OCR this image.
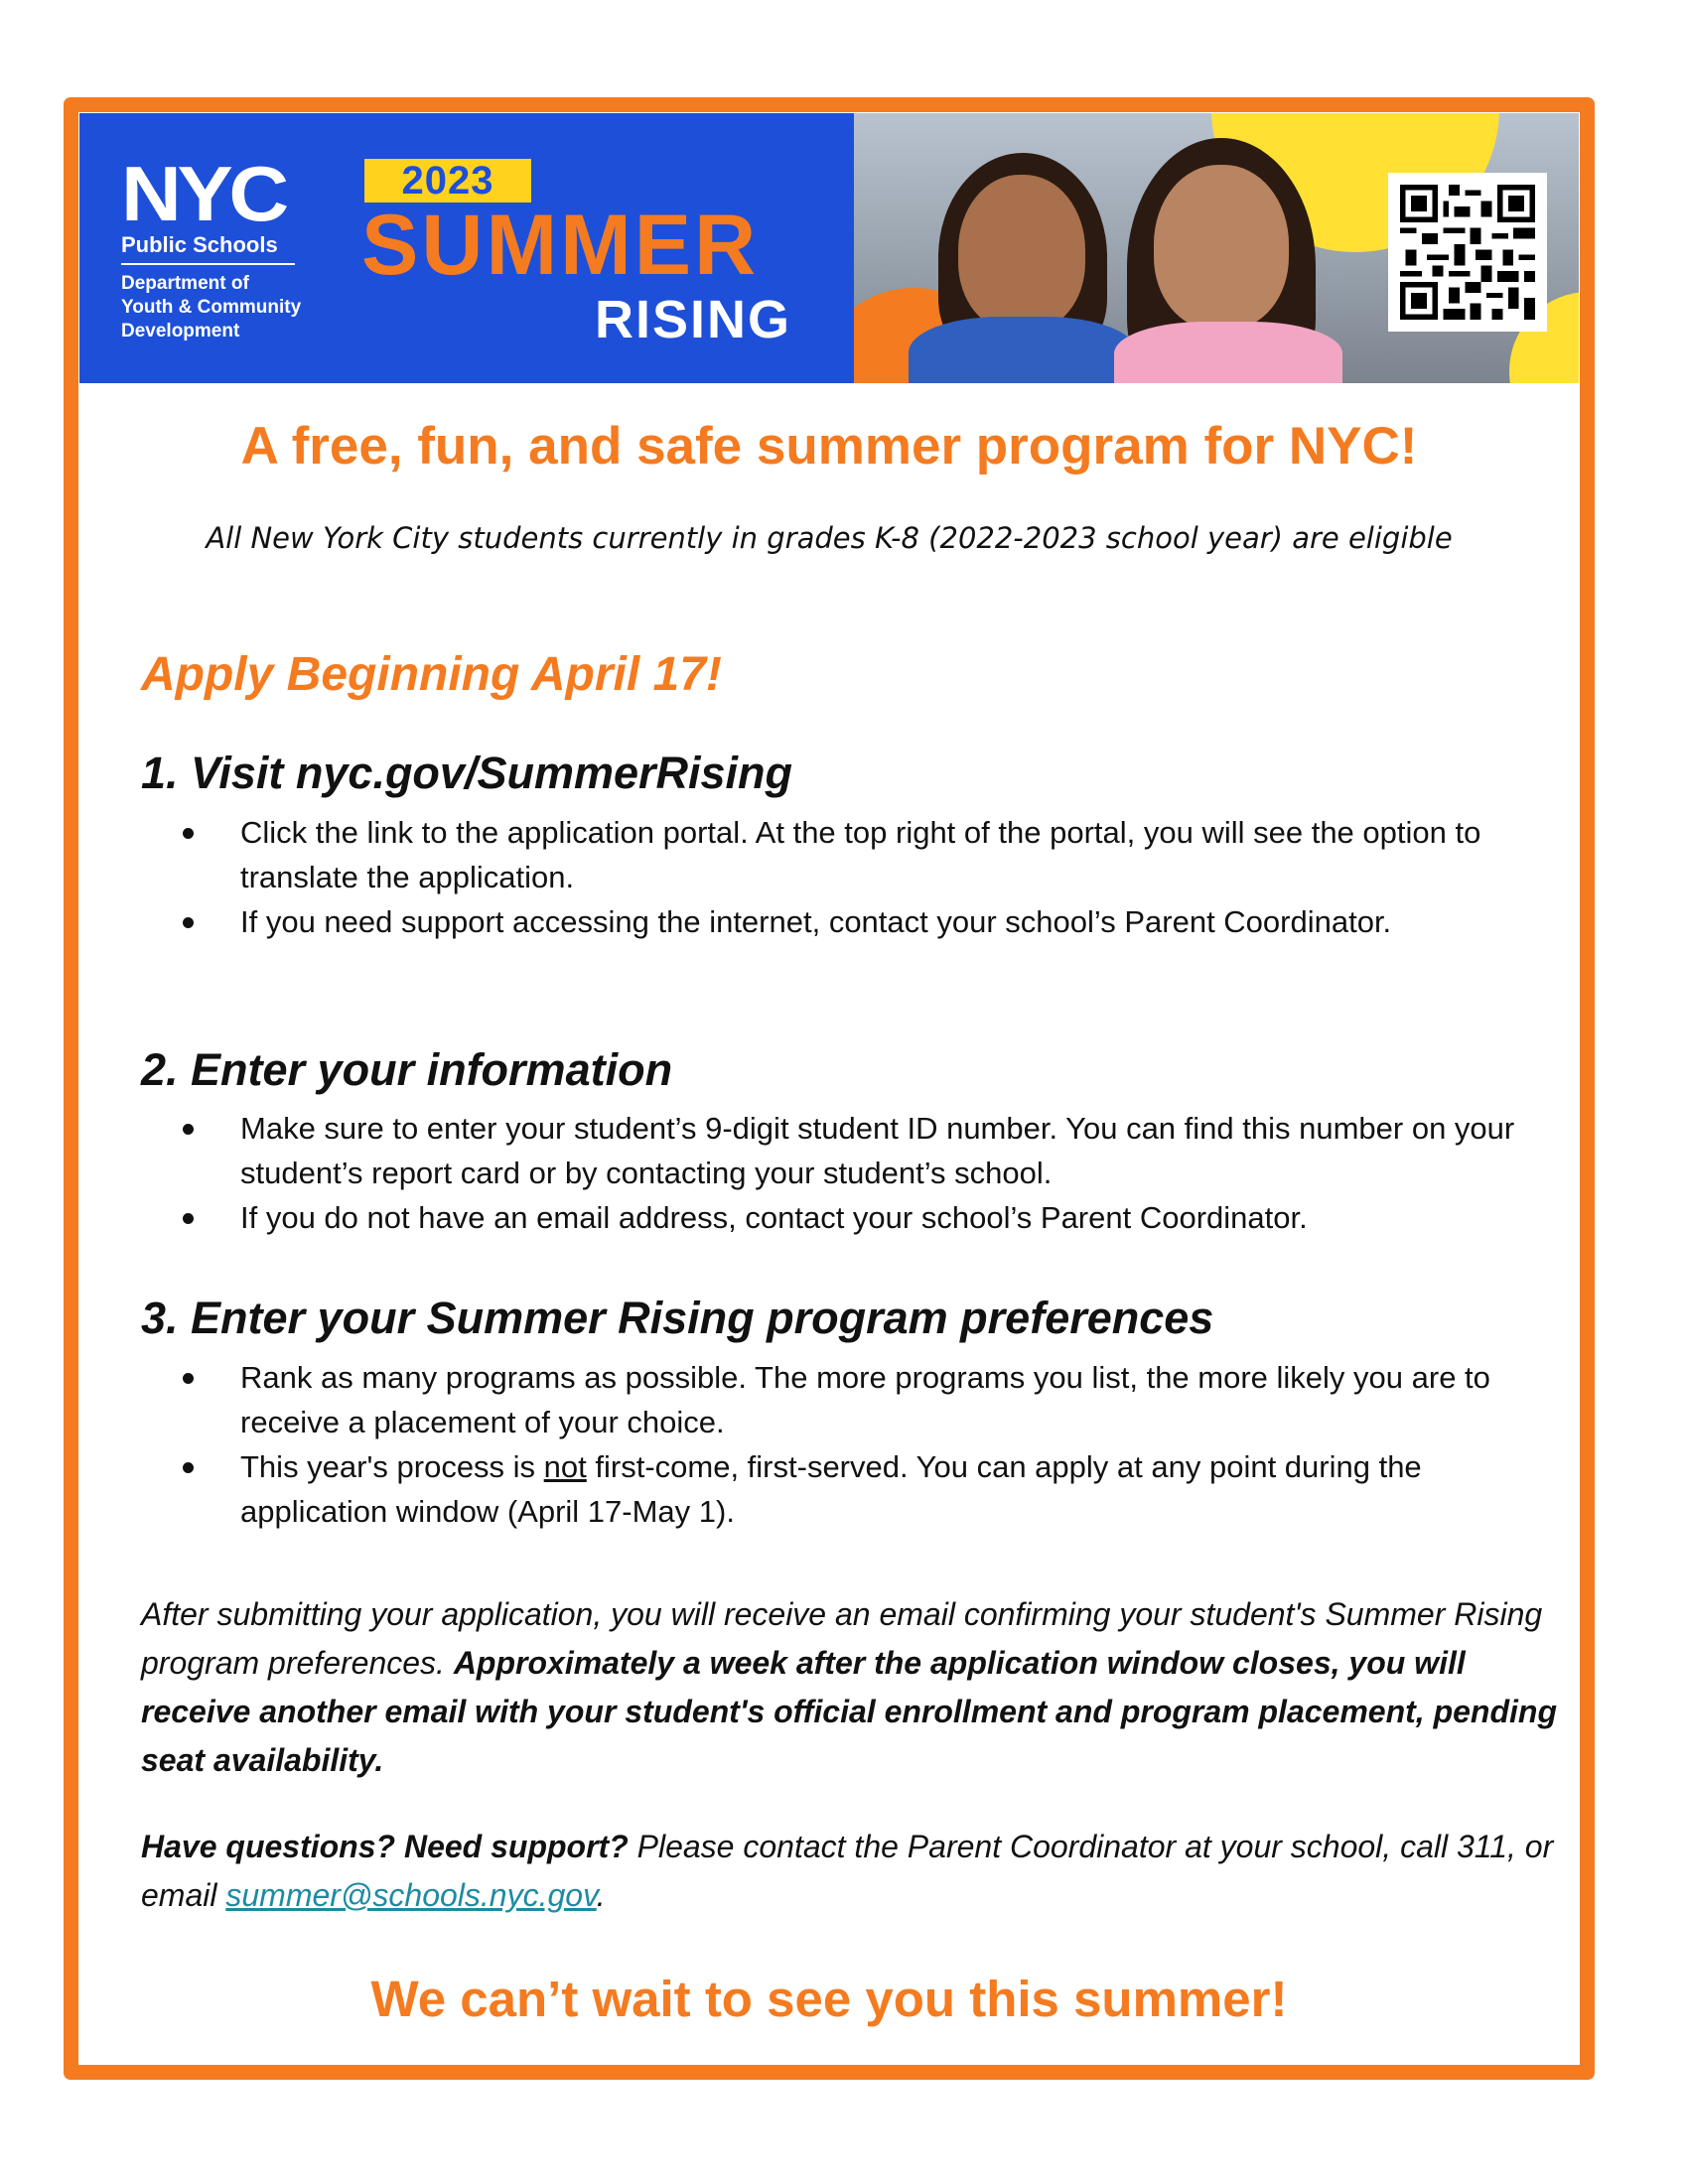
NYC
Public Schools
Department of
Youth & Community
Development
2023
SUMMER
RISING
A free, fun, and safe summer program for NYC!
All New York City students currently in grades K-8 (2022-2023 school year) are eligible
Apply Beginning April 17!
1. Visit nyc.gov/SummerRising
Click the link to the application portal. At the top right of the portal, you will see the option to translate the application.
If you need support accessing the internet, contact your school’s Parent Coordinator.
2. Enter your information
Make sure to enter your student’s 9-digit student ID number. You can find this number on your student’s report card or by contacting your student’s school.
If you do not have an email address, contact your school’s Parent Coordinator.
3. Enter your Summer Rising program preferences
Rank as many programs as possible. The more programs you list, the more likely you are to receive a placement of your choice.
This year's process is not first-come, first-served. You can apply at any point during the application window (April 17-May 1).
After submitting your application, you will receive an email confirming your student's Summer Rising program preferences. Approximately a week after the application window closes, you will receive another email with your student's official enrollment and program placement, pending seat availability.
Have questions? Need support? Please contact the Parent Coordinator at your school, call 311, or email summer@schools.nyc.gov.
We can’t wait to see you this summer!
